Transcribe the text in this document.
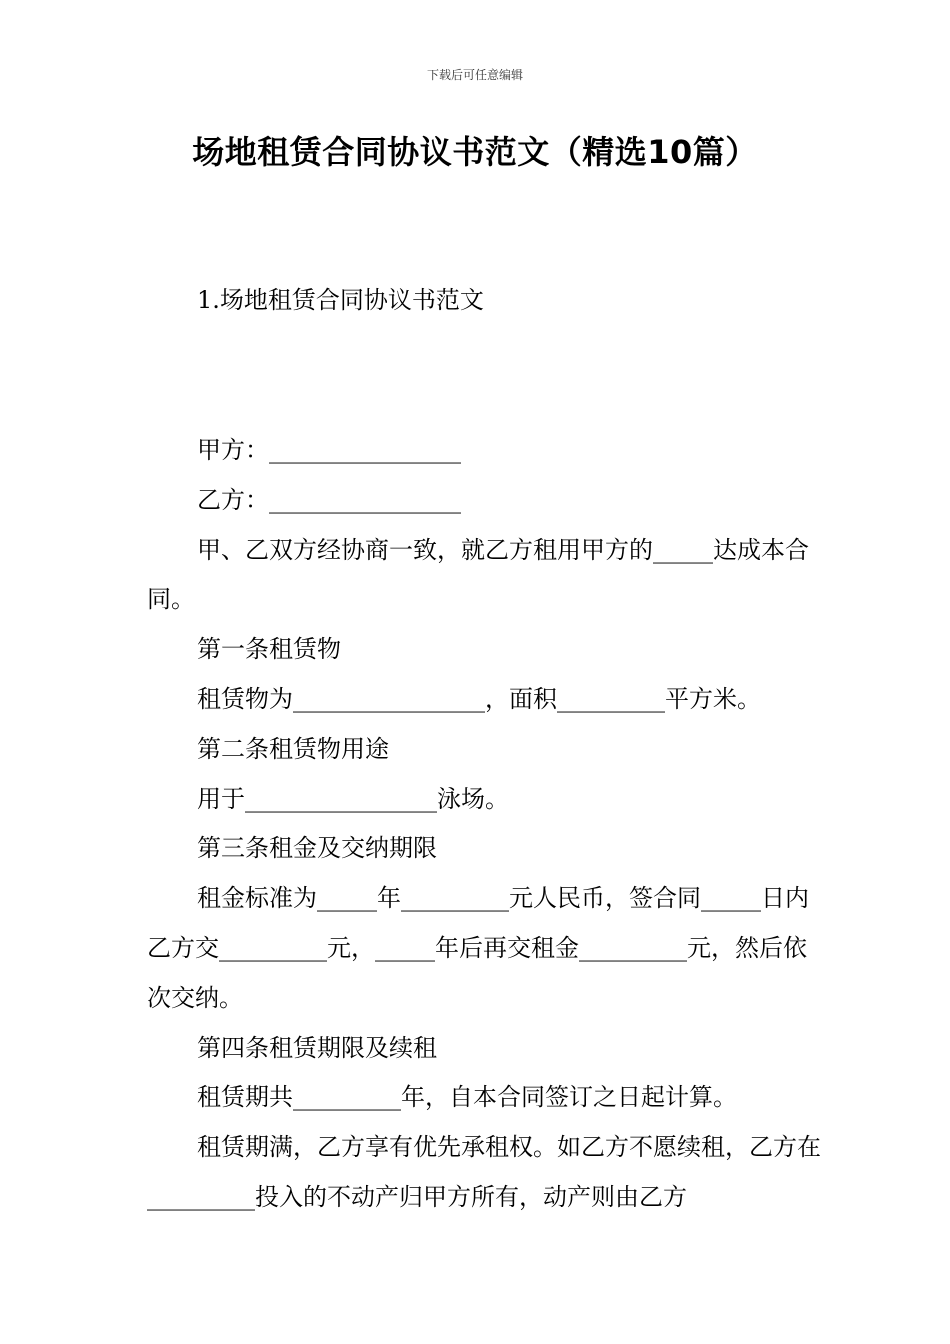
下载后可任意编辑
场地租赁合同协议书范文（精选10篇）
1.场地租赁合同协议书范文

甲方：________________

乙方：________________

甲、乙双方经协商一致，就乙方租用甲方的_____达成本合同。

第一条租赁物

租赁物为________________，面积_________平方米。

第二条租赁物用途

用于________________泳场。

第三条租金及交纳期限

租金标准为_____年_________元人民币，签合同_____日内乙方交_________元，_____年后再交租金_________元，然后依次交纳。

第四条租赁期限及续租

租赁期共_________年，自本合同签订之日起计算。

租赁期满，乙方享有优先承租权。如乙方不愿续租，乙方在_________投入的不动产归甲方所有，动产则由乙方
